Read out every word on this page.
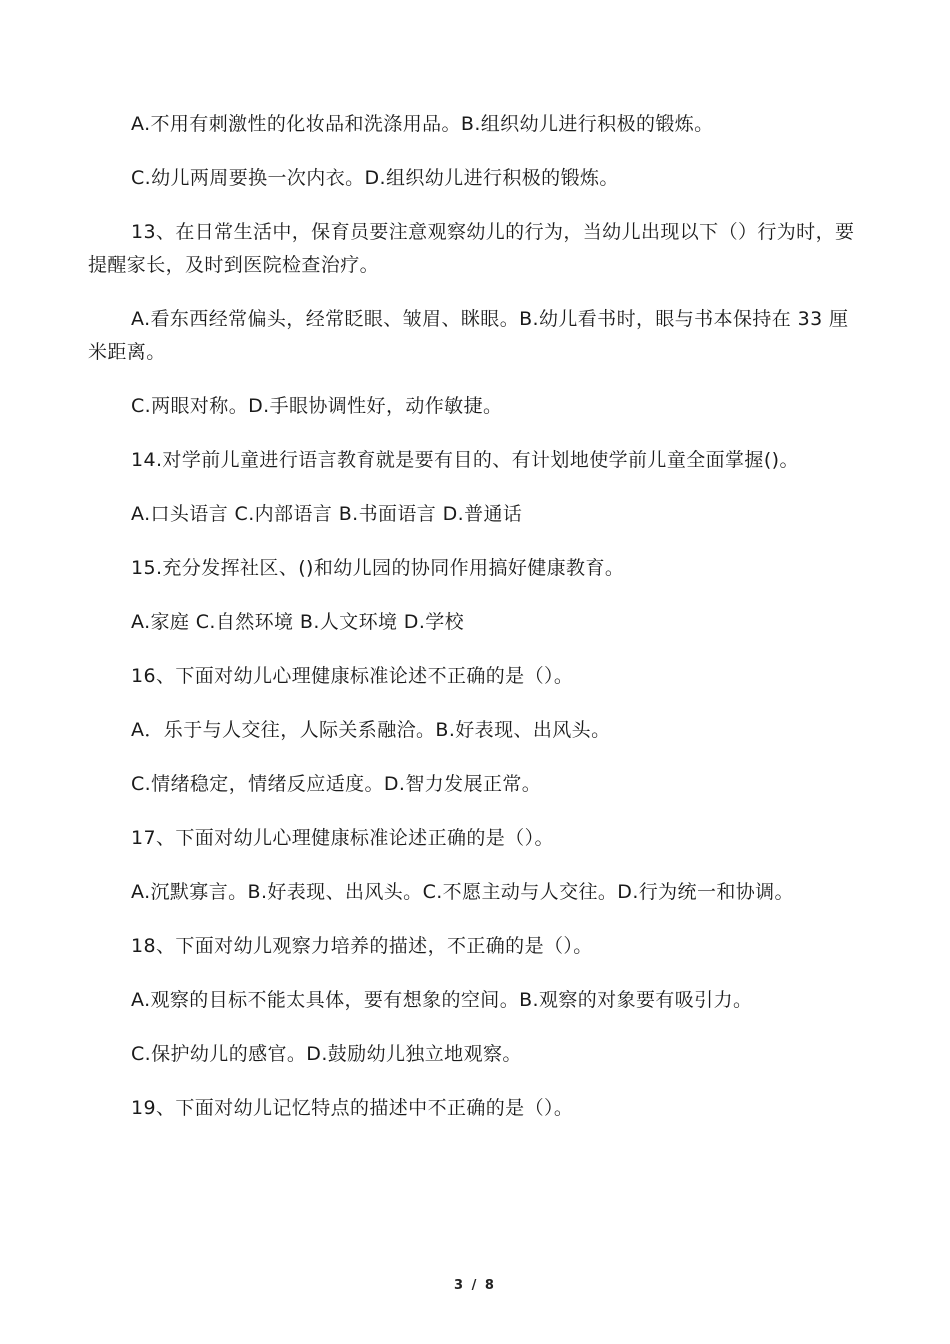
A.不用有刺激性的化妆品和洗涤用品。B.组织幼儿进行积极的锻炼。

C.幼儿两周要换一次内衣。D.组织幼儿进行积极的锻炼。

13、在日常生活中，保育员要注意观察幼儿的行为，当幼儿出现以下（）行为时，要提醒家长，及时到医院检查治疗。

A.看东西经常偏头，经常眨眼、皱眉、眯眼。B.幼儿看书时，眼与书本保持在 33 厘米距离。

C.两眼对称。D.手眼协调性好，动作敏捷。

14.对学前儿童进行语言教育就是要有目的、有计划地使学前儿童全面掌握()。

A.口头语言 C.内部语言 B.书面语言 D.普通话

15.充分发挥社区、()和幼儿园的协同作用搞好健康教育。

A.家庭 C.自然环境 B.人文环境 D.学校

16、下面对幼儿心理健康标准论述不正确的是（）。

A．乐于与人交往，人际关系融洽。B.好表现、出风头。

C.情绪稳定，情绪反应适度。D.智力发展正常。

17、下面对幼儿心理健康标准论述正确的是（）。

A.沉默寡言。B.好表现、出风头。C.不愿主动与人交往。D.行为统一和协调。

18、下面对幼儿观察力培养的描述，不正确的是（）。

A.观察的目标不能太具体，要有想象的空间。B.观察的对象要有吸引力。

C.保护幼儿的感官。D.鼓励幼儿独立地观察。

19、下面对幼儿记忆特点的描述中不正确的是（）。

3 / 8
